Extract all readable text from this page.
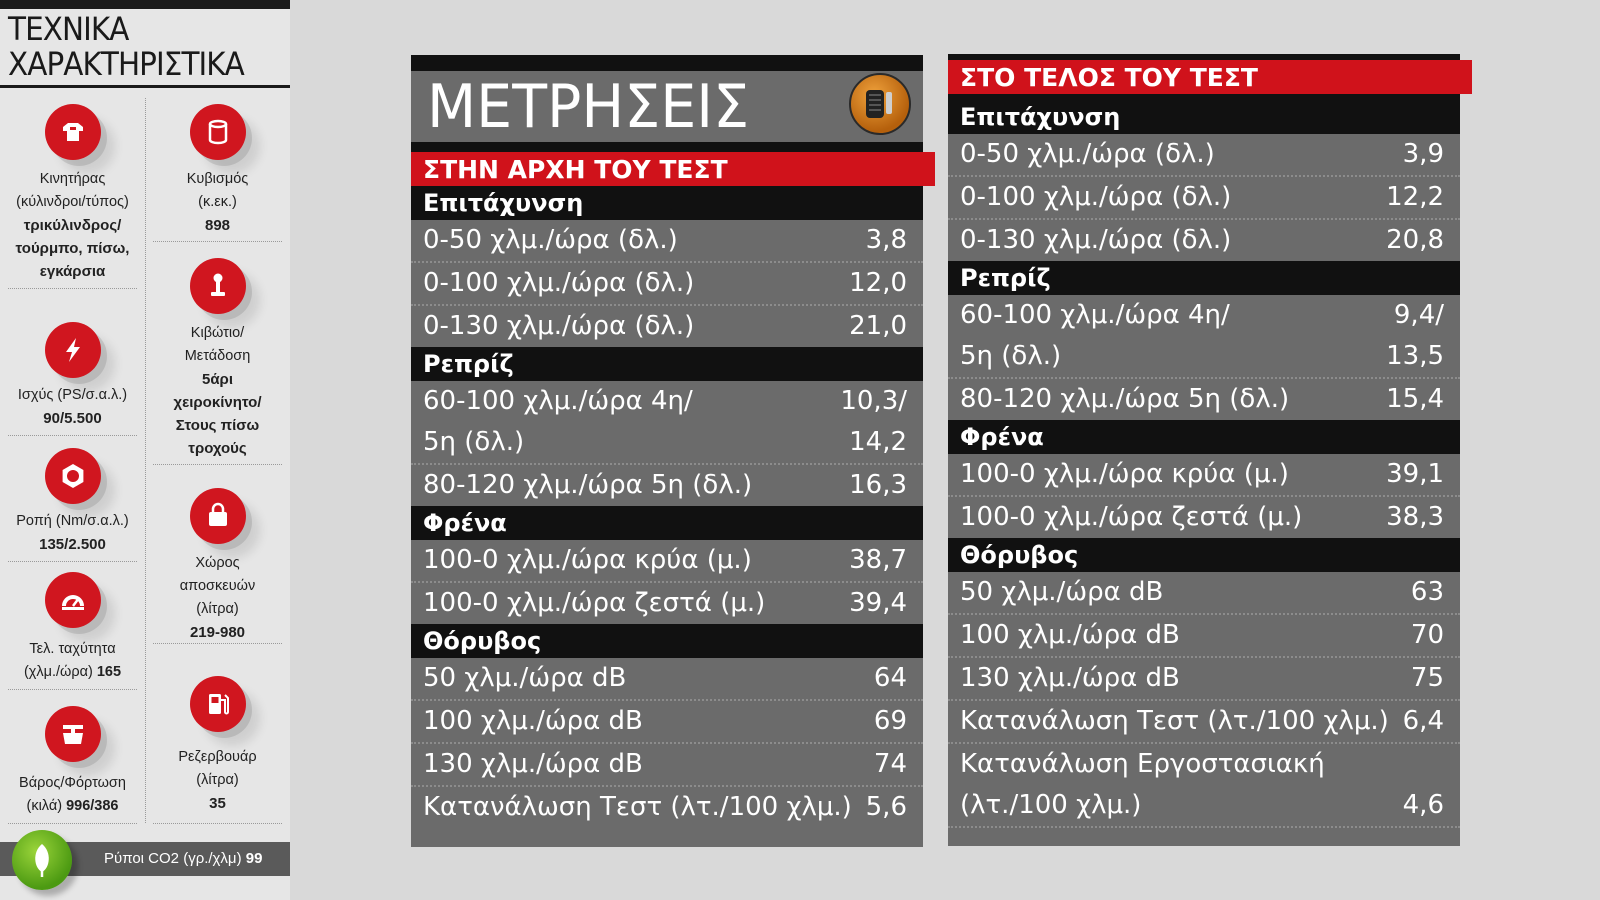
ΤΕΧΝΙΚΑ
ΧΑΡΑΚΤΗΡΙΣΤΙΚΑ
Κινητήρας
(κύλινδροι/τύπος)
τρικύλινδρος/
τούρμπο, πίσω,
εγκάρσια
Κυβισμός
(κ.εκ.)
898
Κιβώτιο/
Μετάδοση
5άρι
χειροκίνητο/
Στους πίσω
τροχούς
Ισχύς (PS/σ.α.λ.)
90/5.500
Χώρος
αποσκευών
(λίτρα)
219-980
Ροπή (Nm/σ.α.λ.)
135/2.500
Τελ. ταχύτητα
(χλμ./ώρα) 165
Ρεζερβουάρ
(λίτρα)
35
Βάρος/Φόρτωση
(κιλά) 996/386
Ρύποι CO2 (γρ./χλμ) 99
ΜΕΤΡΗΣΕΙΣ
ΣΤΗΝ ΑΡΧΗ ΤΟΥ ΤΕΣΤ
Επιτάχυνση
0-50 χλμ./ώρα (δλ.)	3,8
0-100 χλμ./ώρα (δλ.)	12,0
0-130 χλμ./ώρα (δλ.)	21,0
Ρεπρίζ
60-100 χλμ./ώρα 4η/	10,3/
5η (δλ.)	14,2
80-120 χλμ./ώρα 5η (δλ.)	16,3
Φρένα
100-0 χλμ./ώρα κρύα (μ.)	38,7
100-0 χλμ./ώρα ζεστά (μ.)	39,4
Θόρυβος
50 χλμ./ώρα dB	64
100 χλμ./ώρα dB	69
130 χλμ./ώρα dB	74
Κατανάλωση Τεστ (λτ./100 χλμ.) 5,6
ΣΤΟ ΤΕΛΟΣ ΤΟΥ ΤΕΣΤ
Επιτάχυνση
0-50 χλμ./ώρα (δλ.)	3,9
0-100 χλμ./ώρα (δλ.)	12,2
0-130 χλμ./ώρα (δλ.)	20,8
Ρεπρίζ
60-100 χλμ./ώρα 4η/	9,4/
5η (δλ.)	13,5
80-120 χλμ./ώρα 5η (δλ.)	15,4
Φρένα
100-0 χλμ./ώρα κρύα (μ.)	39,1
100-0 χλμ./ώρα ζεστά (μ.)	38,3
Θόρυβος
50 χλμ./ώρα dB	63
100 χλμ./ώρα dB	70
130 χλμ./ώρα dB	75
Κατανάλωση Τεστ (λτ./100 χλμ.) 6,4
Κατανάλωση Εργοστασιακή
(λτ./100 χλμ.)	4,6
